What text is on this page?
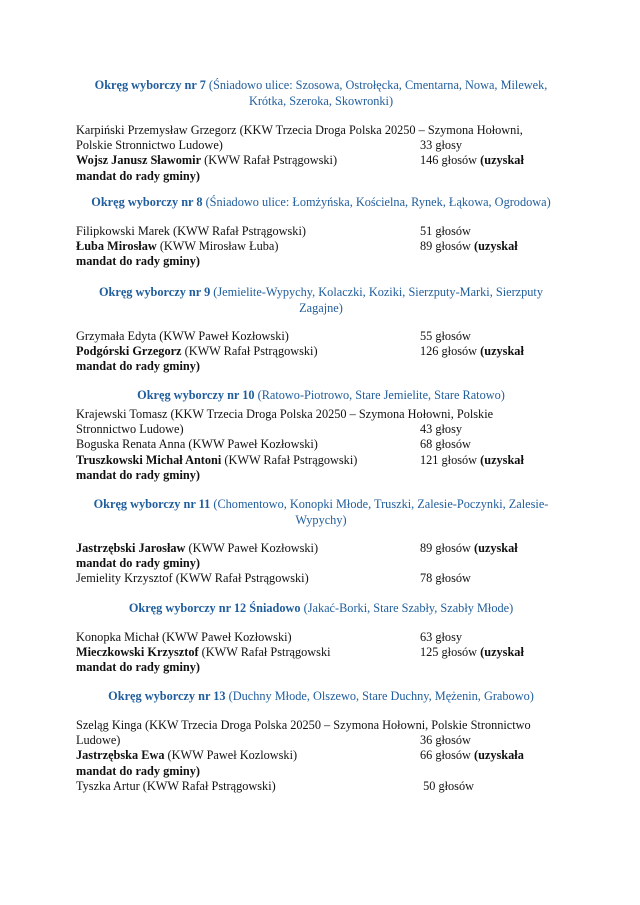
Okręg wyborczy nr 7 (Śniadowo ulice: Szosowa, Ostrołęcka, Cmentarna, Nowa, Milewek, Krótka, Szeroka, Skowronki)
Karpiński Przemysław Grzegorz (KKW Trzecia Droga Polska 20250 – Szymona Hołowni,
Polskie Stronnictwo Ludowe)	33 głosy
Wojsz Janusz Sławomir (KWW Rafał Pstrągowski)	146 głosów (uzyskał
mandat do rady gminy)
Okręg wyborczy nr 8 (Śniadowo ulice: Łomżyńska, Kościelna, Rynek, Łąkowa, Ogrodowa)
Filipkowski Marek (KWW Rafał Pstrągowski)	51 głosów
Łuba Mirosław (KWW Mirosław Łuba)	89 głosów (uzyskał
mandat do rady gminy)
Okręg wyborczy nr 9 (Jemielite-Wypychy, Kolaczki, Koziki, Sierzputy-Marki, Sierzputy Zagajne)
Grzymała Edyta (KWW Paweł Kozłowski)	55 głosów
Podgórski Grzegorz (KWW Rafał Pstrągowski)	126 głosów (uzyskał
mandat do rady gminy)
Okręg wyborczy nr 10 (Ratowo-Piotrowo, Stare Jemielite, Stare Ratowo)
Krajewski Tomasz (KKW Trzecia Droga Polska 20250 – Szymona Hołowni, Polskie
Stronnictwo Ludowe)	43 głosy
Boguska Renata Anna (KWW Paweł Kozłowski)	68 głosów
Truszkowski Michał Antoni (KWW Rafał Pstrągowski)	121 głosów (uzyskał
mandat do rady gminy)
Okręg wyborczy nr 11 (Chomentowo, Konopki Młode, Truszki, Zalesie-Poczynki, Zalesie-Wypychy)
Jastrzębski Jarosław (KWW Paweł Kozłowski)	89 głosów (uzyskał
mandat do rady gminy)
Jemielity Krzysztof (KWW Rafał Pstrągowski)	78 głosów
Okręg wyborczy nr 12 Śniadowo (Jakać-Borki, Stare Szabły, Szabły Młode)
Konopka Michał (KWW Paweł Kozłowski)	63 głosy
Mieczkowski Krzysztof (KWW Rafał Pstrągowski	125 głosów (uzyskał
mandat do rady gminy)
Okręg wyborczy nr 13 (Duchny Młode, Olszewo, Stare Duchny, Mężenin, Grabowo)
Szeląg Kinga (KKW Trzecia Droga Polska 20250 – Szymona Hołowni, Polskie Stronnictwo
Ludowe)	36 głosów
Jastrzębska Ewa (KWW Paweł Kozlowski)	66 głosów (uzyskała
mandat do rady gminy)
Tyszka Artur (KWW Rafał Pstrągowski)	50 głosów
